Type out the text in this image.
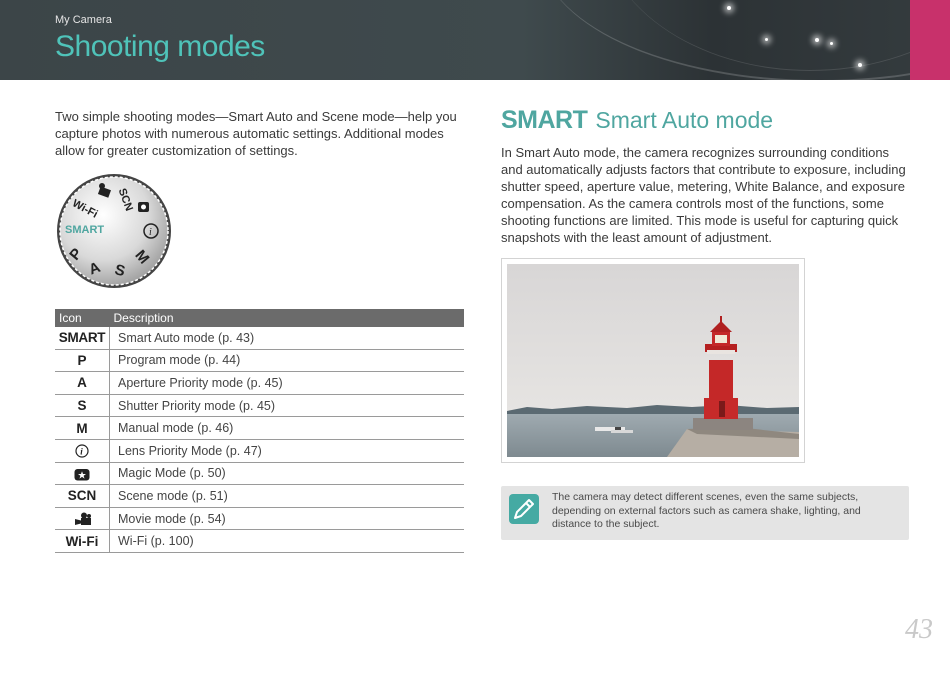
My Camera
Shooting modes
Two simple shooting modes—Smart Auto and Scene mode—help you capture photos with numerous automatic settings. Additional modes allow for greater customization of settings.
SMART
Wi-Fi SCN
P
A S
M
i
Icon	Description
SMART	Smart Auto mode (p. 43)
P	Program mode (p. 44)
A	Aperture Priority mode (p. 45)
S	Shutter Priority mode (p. 45)
M	Manual mode (p. 46)

i	Lens Priority Mode (p. 47)
	Magic Mode (p. 50)
SCN	Scene mode (p. 51)
	Movie mode (p. 54)
Wi-Fi	Wi-Fi (p. 100)
SMART Smart Auto mode
In Smart Auto mode, the camera recognizes surrounding conditions and automatically adjusts factors that contribute to exposure, including shutter speed, aperture value, metering, White Balance, and exposure compensation. As the camera controls most of the functions, some shooting functions are limited. This mode is useful for capturing quick snapshots with the least amount of adjustment.
The camera may detect different scenes, even the same subjects, depending on external factors such as camera shake, lighting, and distance to the subject.
43
